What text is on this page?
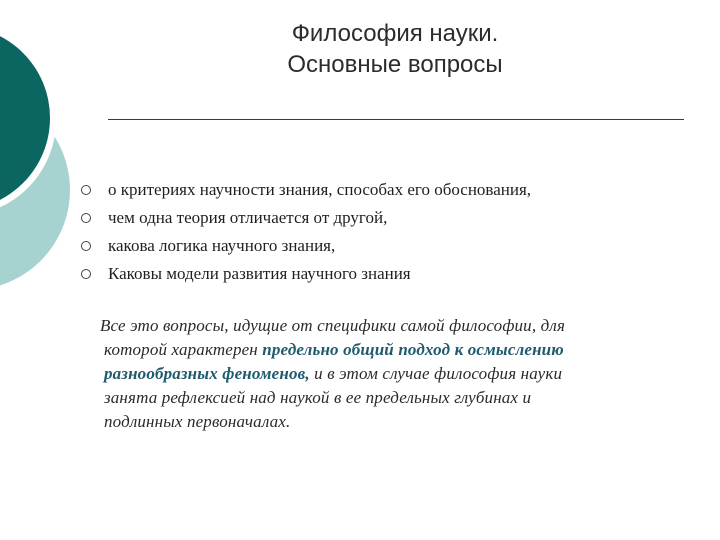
Философия науки.
Основные вопросы
о критериях научности знания, способах его обоснования,
чем одна теория отличается от другой,
какова логика научного знания,
Каковы модели развития научного знания
Все это вопросы, идущие от специфики самой философии, для
которой характерен предельно общий подход к осмыслению
разнообразных феноменов, и в этом случае философия науки
занята рефлексией над наукой в ее предельных глубинах и
подлинных первоначалах.
